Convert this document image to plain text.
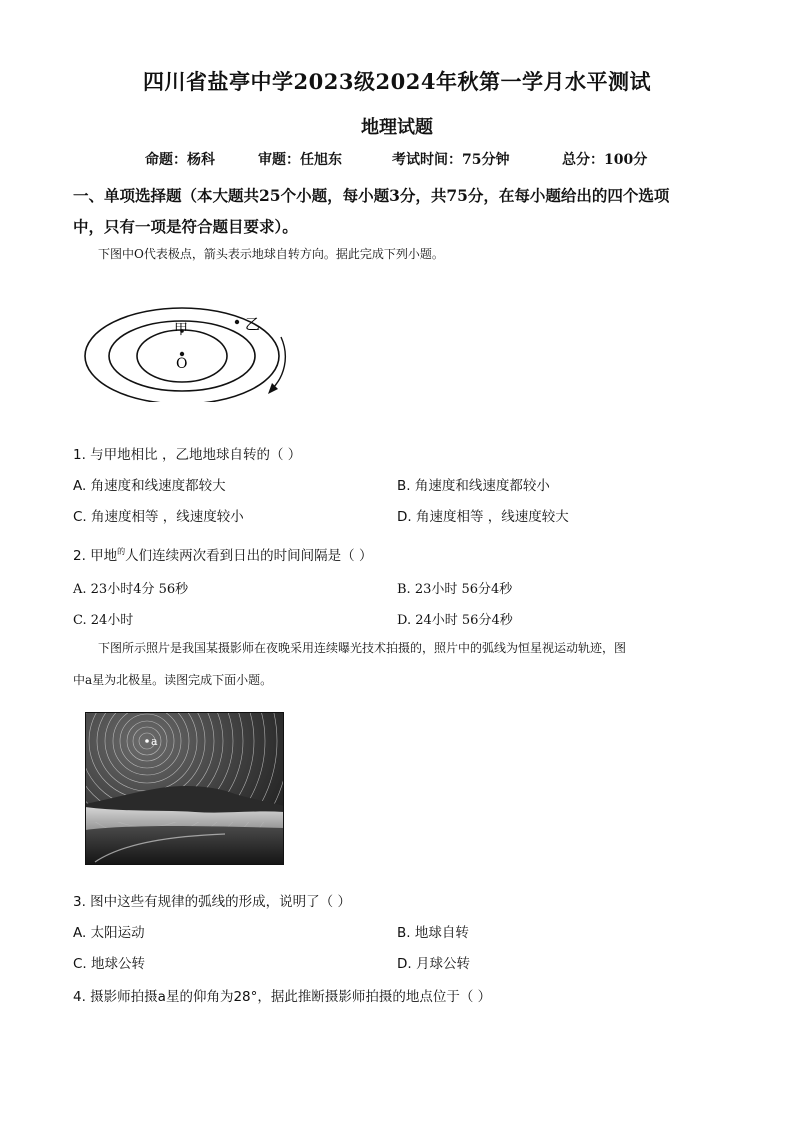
四川省盐亭中学2023级2024年秋第一学月水平测试
地理试题
命题：杨科	审题：任旭东	考试时间：75分钟	总分：100分
一、单项选择题（本大题共25个小题，每小题3分，共75分，在每小题给出的四个选项
中，只有一项是符合题目要求）。
下图中O代表极点，箭头表示地球自转方向。据此完成下列小题。
甲	乙
O
1. 与甲地相比 ，乙地地球自转的（ ）
A. 角速度和线速度都较大	B. 角速度和线速度都较小
C. 角速度相等 ，线速度较小	D. 角速度相等 ，线速度较大
2. 甲地$^的$人们连续两次看到日出的时间间隔是（ ）
A. 23小时4分 56秒	B. 23小时 56分4秒
C. 24小时	D. 24小时 56分4秒
下图所示照片是我国某摄影师在夜晚采用连续曝光技术拍摄的，照片中的弧线为恒星视运动轨迹，图
中a星为北极星。读图完成下面小题。
a
3. 图中这些有规律的弧线的形成，说明了（ ）
A. 太阳运动	B. 地球自转
C. 地球公转	D. 月球公转
4. 摄影师拍摄a星的仰角为28°，据此推断摄影师拍摄的地点位于（ ）
